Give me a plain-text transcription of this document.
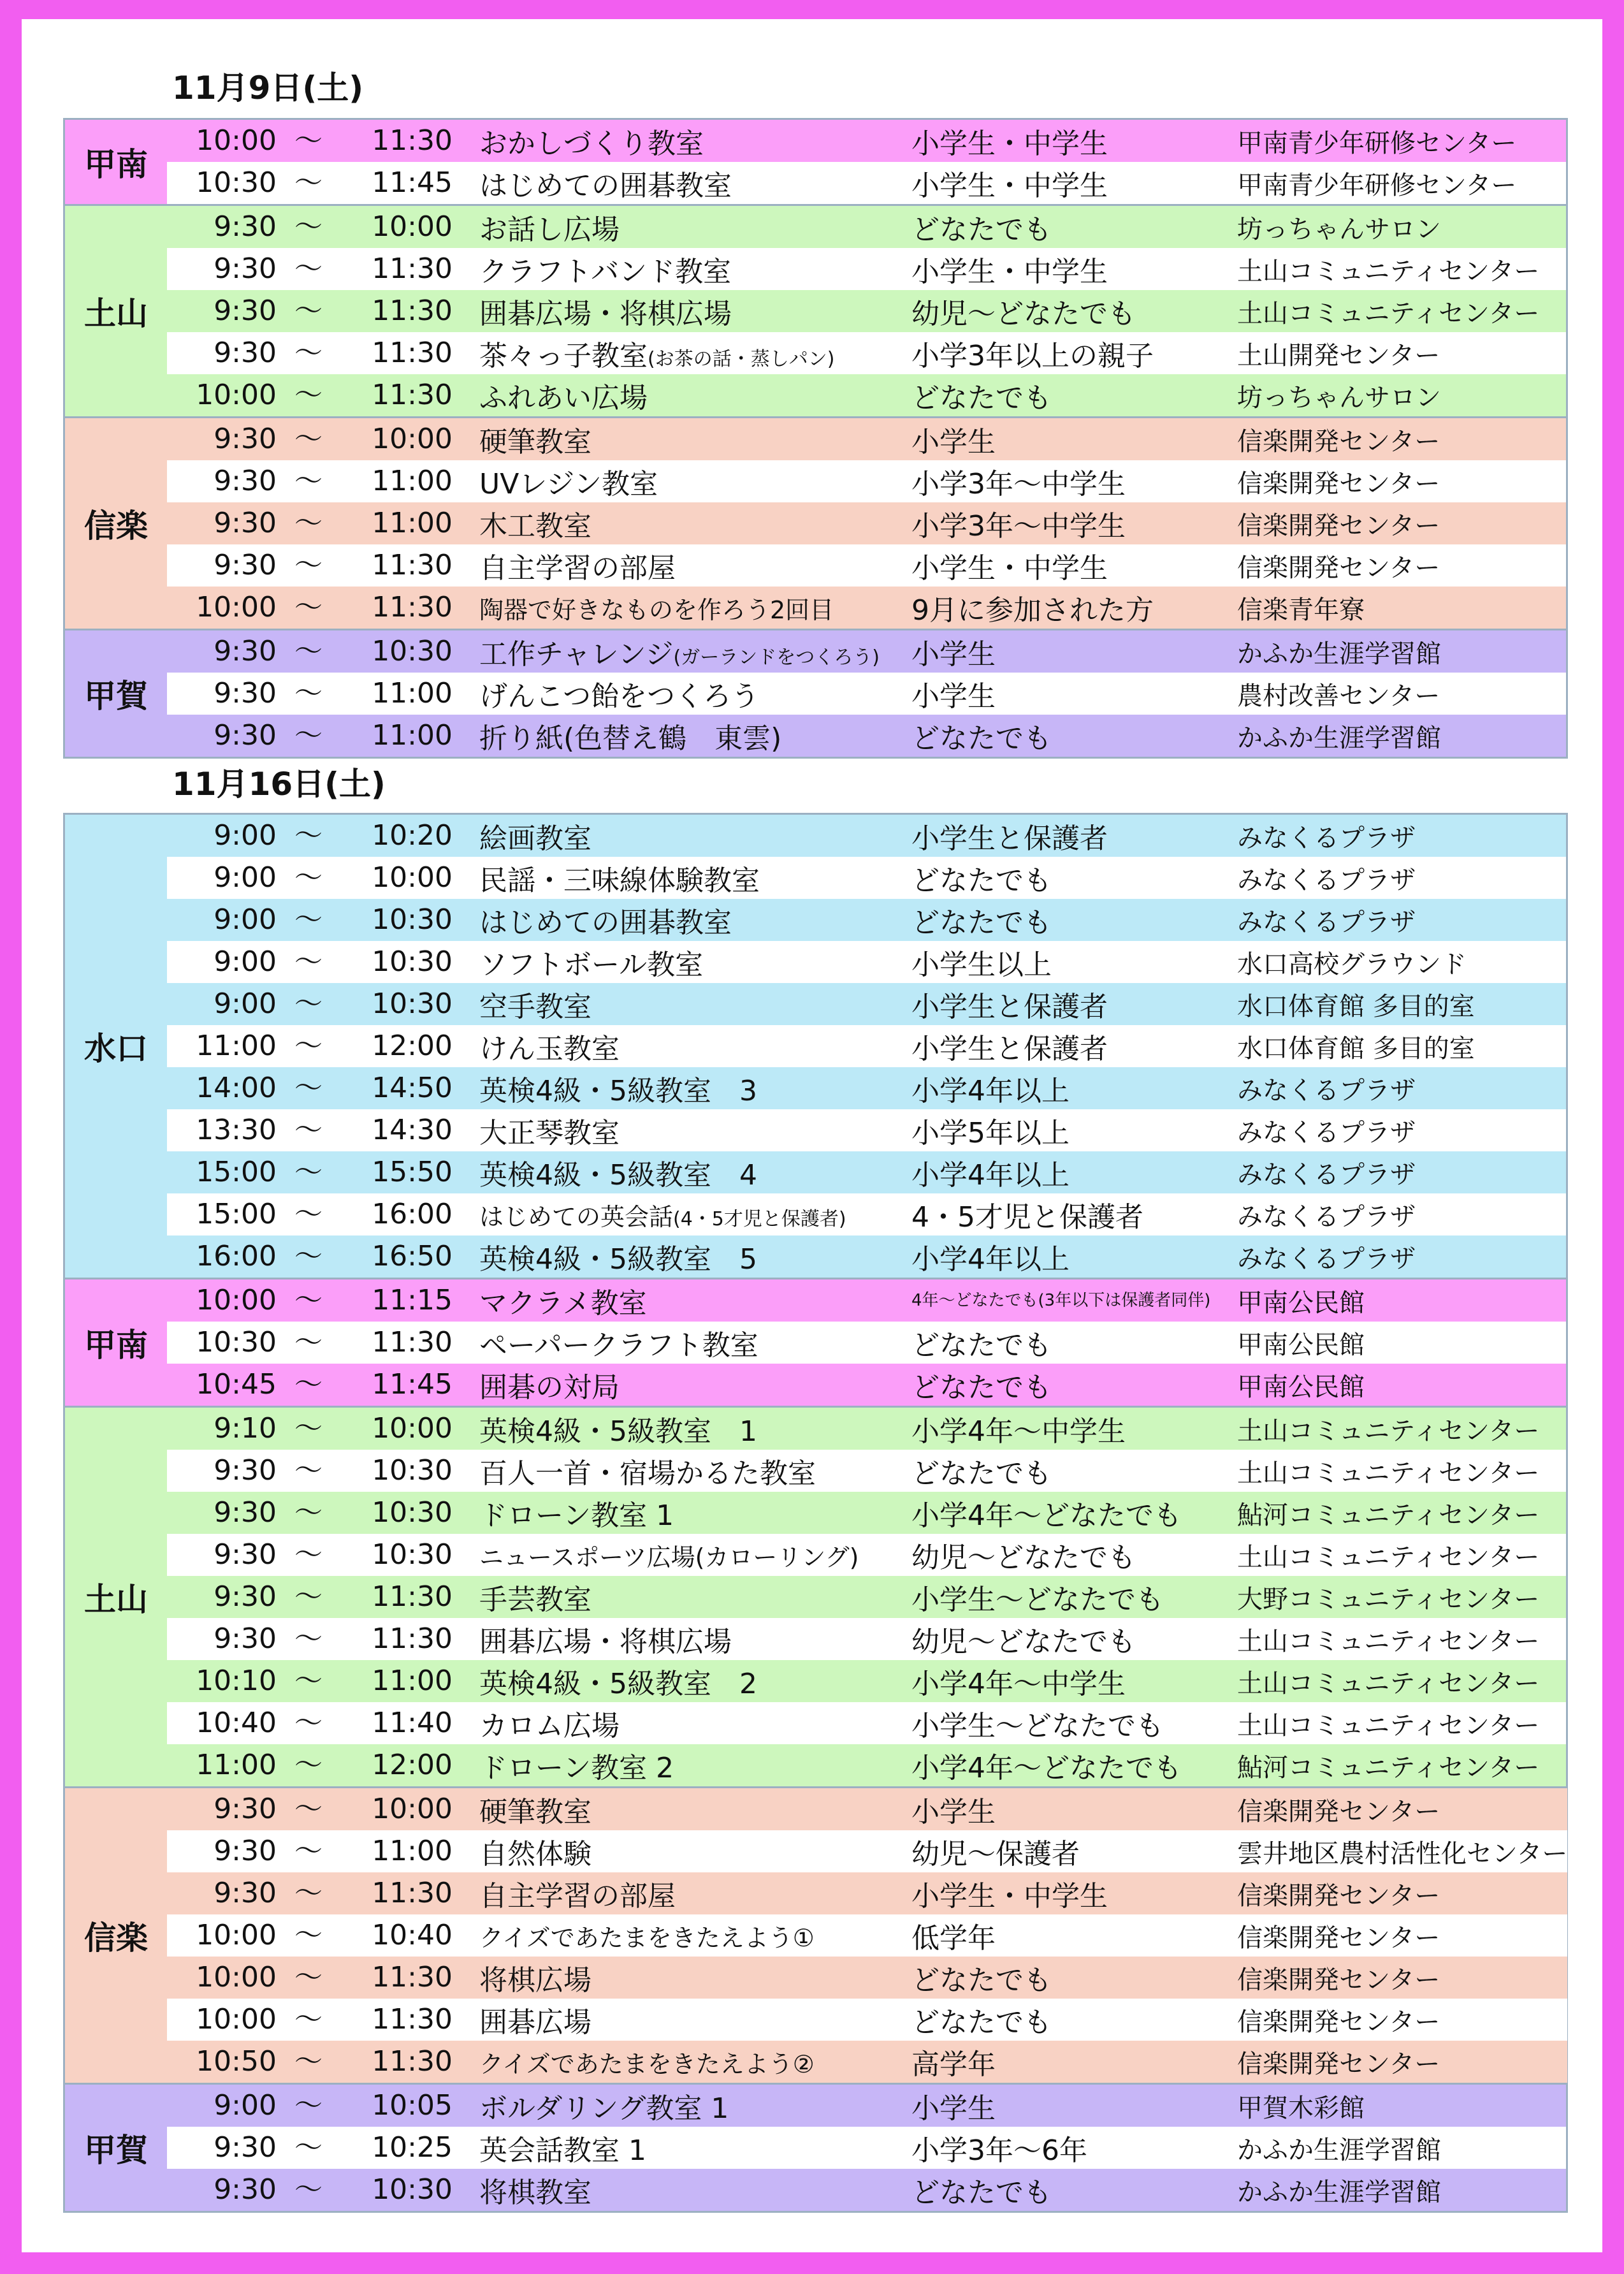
11月9日(土)
甲南
10:00 ～ 11:30 おかしづくり教室	小学生・中学生	甲南青少年研修センター
10:30 ～ 11:45 はじめての囲碁教室	小学生・中学生	甲南青少年研修センター
土山
9:30 ～ 10:00 お話し広場	どなたでも	坊っちゃんサロン
9:30 ～ 11:30 クラフトバンド教室	小学生・中学生	土山コミュニティセンター
9:30 ～ 11:30 囲碁広場・将棋広場	幼児～どなたでも	土山コミュニティセンター
9:30 ～ 11:30 茶々っ子教室(お茶の話・蒸しパン)	小学3年以上の親子	土山開発センター
10:00 ～ 11:30 ふれあい広場	どなたでも	坊っちゃんサロン
信楽
9:30 ～ 10:00 硬筆教室	小学生	信楽開発センター
9:30 ～ 11:00 UVレジン教室	小学3年～中学生	信楽開発センター
9:30 ～ 11:00 木工教室	小学3年～中学生	信楽開発センター
9:30 ～ 11:30 自主学習の部屋	小学生・中学生	信楽開発センター
10:00 ～ 11:30 陶器で好きなものを作ろう2回目	9月に参加された方	信楽青年寮
甲賀
9:30 ～ 10:30 工作チャレンジ(ガーランドをつくろう)	小学生	かふか生涯学習館
9:30 ～ 11:00 げんこつ飴をつくろう	小学生	農村改善センター
9:30 ～ 11:00 折り紙(色替え鶴　東雲)	どなたでも	かふか生涯学習館
11月16日(土)
水口
9:00 ～ 10:20 絵画教室	小学生と保護者	みなくるプラザ
9:00 ～ 10:00 民謡・三味線体験教室	どなたでも	みなくるプラザ
9:00 ～ 10:30 はじめての囲碁教室	どなたでも	みなくるプラザ
9:00 ～ 10:30 ソフトボール教室	小学生以上	水口高校グラウンド
9:00 ～ 10:30 空手教室	小学生と保護者	水口体育館 多目的室
11:00 ～ 12:00 けん玉教室	小学生と保護者	水口体育館 多目的室
14:00 ～ 14:50 英検4級・5級教室　3	小学4年以上	みなくるプラザ
13:30 ～ 14:30 大正琴教室	小学5年以上	みなくるプラザ
15:00 ～ 15:50 英検4級・5級教室　4	小学4年以上	みなくるプラザ
15:00 ～ 16:00 はじめての英会話(4・5才児と保護者)	4・5才児と保護者	みなくるプラザ
16:00 ～ 16:50 英検4級・5級教室　5	小学4年以上	みなくるプラザ
甲南
10:00 ～ 11:15 マクラメ教室	4年～どなたでも(3年以下は保護者同伴)	甲南公民館
10:30 ～ 11:30 ペーパークラフト教室	どなたでも	甲南公民館
10:45 ～ 11:45 囲碁の対局	どなたでも	甲南公民館
土山
9:10 ～ 10:00 英検4級・5級教室　1	小学4年～中学生	土山コミュニティセンター
9:30 ～ 10:30 百人一首・宿場かるた教室	どなたでも	土山コミュニティセンター
9:30 ～ 10:30 ドローン教室 1	小学4年～どなたでも	鮎河コミュニティセンター
9:30 ～ 10:30 ニュースポーツ広場(カローリング)	幼児～どなたでも	土山コミュニティセンター
9:30 ～ 11:30 手芸教室	小学生～どなたでも	大野コミュニティセンター
9:30 ～ 11:30 囲碁広場・将棋広場	幼児～どなたでも	土山コミュニティセンター
10:10 ～ 11:00 英検4級・5級教室　2	小学4年～中学生	土山コミュニティセンター
10:40 ～ 11:40 カロム広場	小学生～どなたでも	土山コミュニティセンター
11:00 ～ 12:00 ドローン教室 2	小学4年～どなたでも	鮎河コミュニティセンター
信楽
9:30 ～ 10:00 硬筆教室	小学生	信楽開発センター
9:30 ～ 11:00 自然体験	幼児～保護者	雲井地区農村活性化センター
9:30 ～ 11:30 自主学習の部屋	小学生・中学生	信楽開発センター
10:00 ～ 10:40 クイズであたまをきたえよう①	低学年	信楽開発センター
10:00 ～ 11:30 将棋広場	どなたでも	信楽開発センター
10:00 ～ 11:30 囲碁広場	どなたでも	信楽開発センター
10:50 ～ 11:30 クイズであたまをきたえよう②	高学年	信楽開発センター
甲賀
9:00 ～ 10:05 ボルダリング教室 1	小学生	甲賀木彩館
9:30 ～ 10:25 英会話教室 1	小学3年～6年	かふか生涯学習館
9:30 ～ 10:30 将棋教室	どなたでも	かふか生涯学習館
